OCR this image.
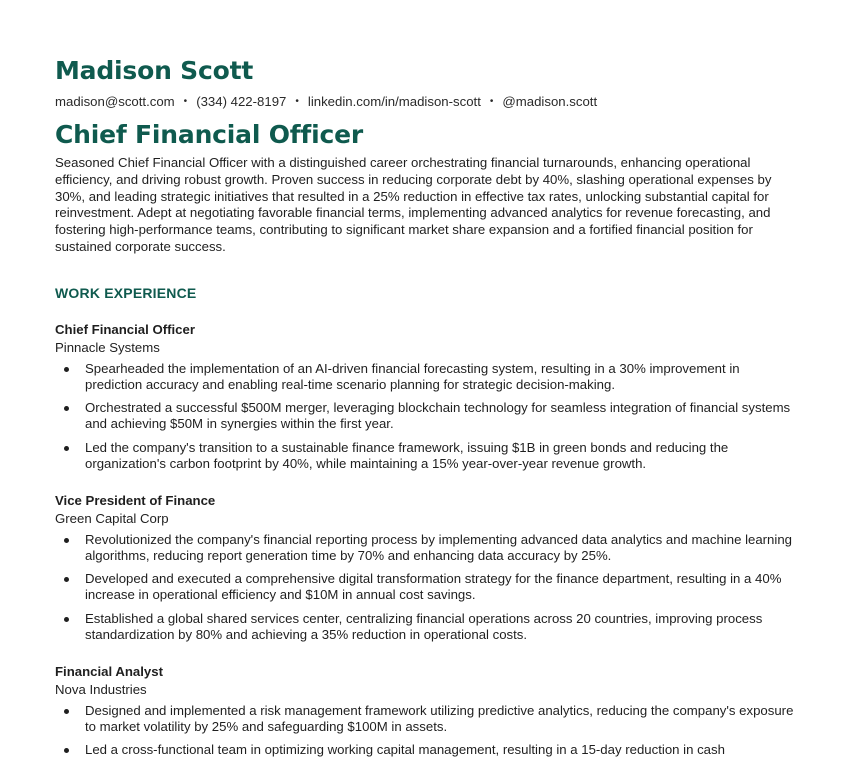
Madison Scott
madison@scott.com • (334) 422-8197 • linkedin.com/in/madison-scott • @madison.scott
Chief Financial Officer

Seasoned Chief Financial Officer with a distinguished career orchestrating financial turnarounds, enhancing operational efficiency, and driving robust growth. Proven success in reducing corporate debt by 40%, slashing operational expenses by 30%, and leading strategic initiatives that resulted in a 25% reduction in effective tax rates, unlocking substantial capital for reinvestment. Adept at negotiating favorable financial terms, implementing advanced analytics for revenue forecasting, and fostering high-performance teams, contributing to significant market share expansion and a fortified financial position for sustained corporate success.

WORK EXPERIENCE
Chief Financial Officer
Pinnacle Systems
Spearheaded the implementation of an AI-driven financial forecasting system, resulting in a 30% improvement in prediction accuracy and enabling real-time scenario planning for strategic decision-making.
Orchestrated a successful $500M merger, leveraging blockchain technology for seamless integration of financial systems and achieving $50M in synergies within the first year.
Led the company's transition to a sustainable finance framework, issuing $1B in green bonds and reducing the organization's carbon footprint by 40%, while maintaining a 15% year-over-year revenue growth.
Vice President of Finance
Green Capital Corp
Revolutionized the company's financial reporting process by implementing advanced data analytics and machine learning algorithms, reducing report generation time by 70% and enhancing data accuracy by 25%.
Developed and executed a comprehensive digital transformation strategy for the finance department, resulting in a 40% increase in operational efficiency and $10M in annual cost savings.
Established a global shared services center, centralizing financial operations across 20 countries, improving process standardization by 80% and achieving a 35% reduction in operational costs.
Financial Analyst
Nova Industries
Designed and implemented a risk management framework utilizing predictive analytics, reducing the company's exposure to market volatility by 25% and safeguarding $100M in assets.
Led a cross-functional team in optimizing working capital management, resulting in a 15-day reduction in cash
